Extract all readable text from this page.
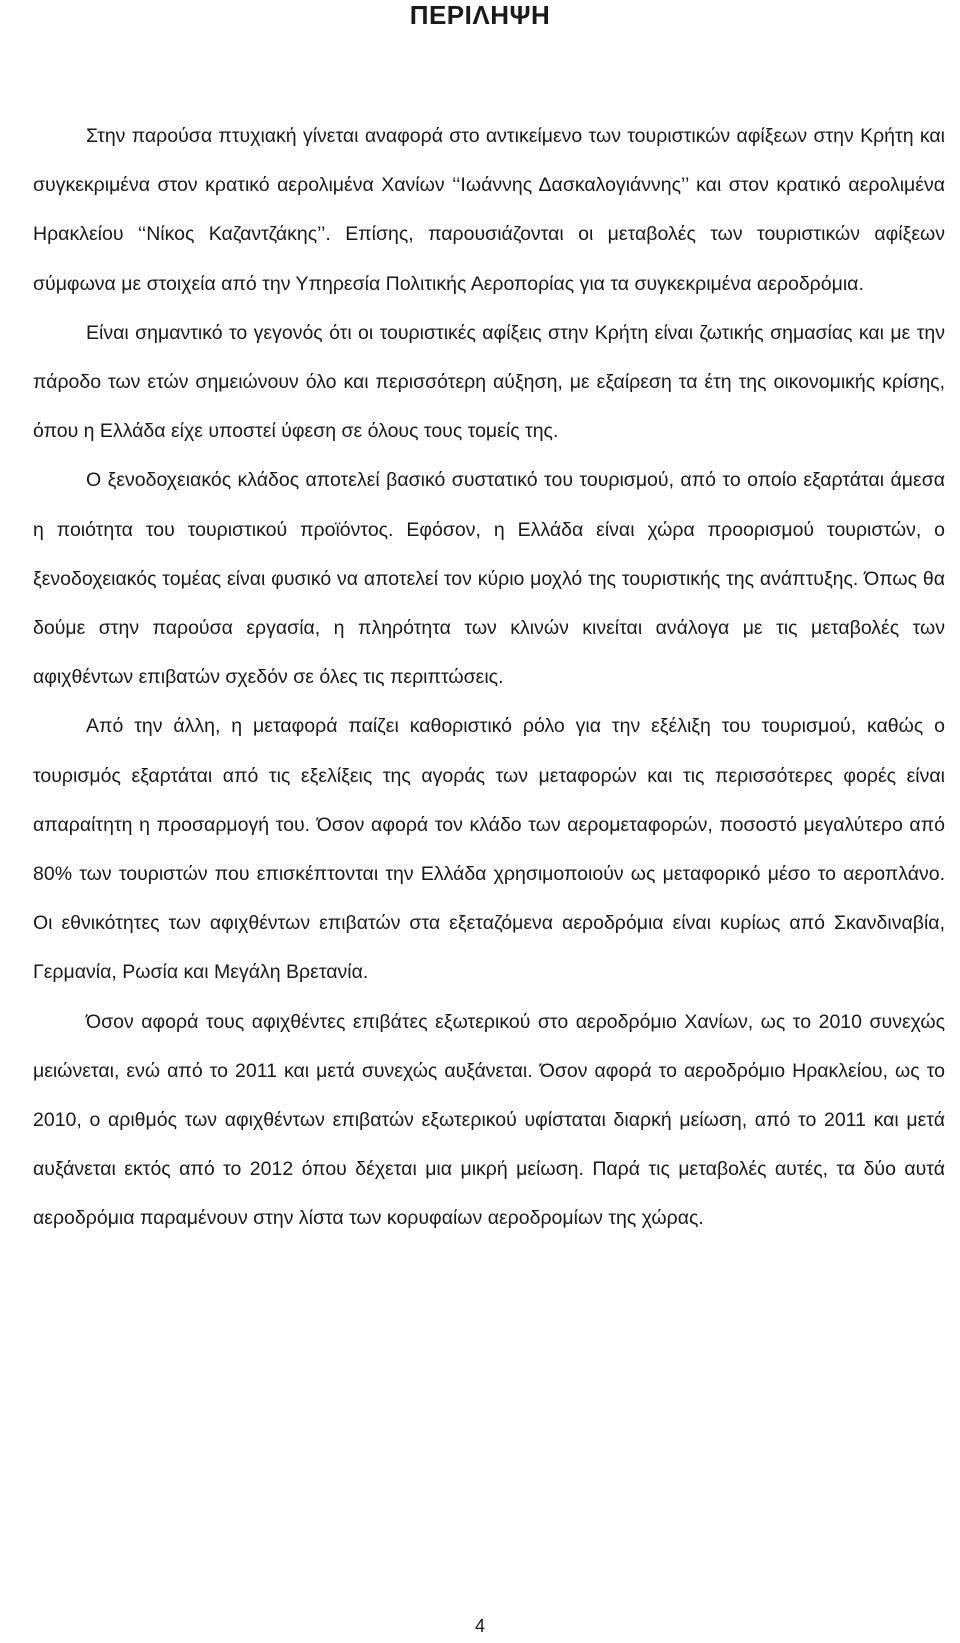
ΠΕΡΙΛΗΨΗ

Στην παρούσα πτυχιακή γίνεται αναφορά στο αντικείμενο των τουριστικών αφίξεων στην Κρήτη και συγκεκριμένα στον κρατικό αερολιμένα Χανίων ‘‘Ιωάννης Δασκαλογιάννης’’ και στον κρατικό αερολιμένα Ηρακλείου ‘‘Νίκος Καζαντζάκης’’. Επίσης, παρουσιάζονται οι μεταβολές των τουριστικών αφίξεων σύμφωνα με στοιχεία από την Υπηρεσία Πολιτικής Αεροπορίας για τα συγκεκριμένα αεροδρόμια.

Είναι σημαντικό το γεγονός ότι οι τουριστικές αφίξεις στην Κρήτη είναι ζωτικής σημασίας και με την πάροδο των ετών σημειώνουν όλο και περισσότερη αύξηση, με εξαίρεση τα έτη της οικονομικής κρίσης, όπου η Ελλάδα είχε υποστεί ύφεση σε όλους τους τομείς της.

Ο ξενοδοχειακός κλάδος αποτελεί βασικό συστατικό του τουρισμού, από το οποίο εξαρτάται άμεσα η ποιότητα του τουριστικού προϊόντος. Εφόσον, η Ελλάδα είναι χώρα προορισμού τουριστών, ο ξενοδοχειακός τομέας είναι φυσικό να αποτελεί τον κύριο μοχλό της τουριστικής της ανάπτυξης. Όπως θα δούμε στην παρούσα εργασία, η πληρότητα των κλινών κινείται ανάλογα με τις μεταβολές των αφιχθέντων επιβατών σχεδόν σε όλες τις περιπτώσεις.

Από την άλλη, η μεταφορά παίζει καθοριστικό ρόλο για την εξέλιξη του τουρισμού, καθώς ο τουρισμός εξαρτάται από τις εξελίξεις της αγοράς των μεταφορών και τις περισσότερες φορές είναι απαραίτητη η προσαρμογή του. Όσον αφορά τον κλάδο των αερομεταφορών, ποσοστό μεγαλύτερο από 80% των τουριστών που επισκέπτονται την Ελλάδα χρησιμοποιούν ως μεταφορικό μέσο το αεροπλάνο. Οι εθνικότητες των αφιχθέντων επιβατών στα εξεταζόμενα αεροδρόμια είναι κυρίως από Σκανδιναβία, Γερμανία, Ρωσία και Μεγάλη Βρετανία.

Όσον αφορά τους αφιχθέντες επιβάτες εξωτερικού στο αεροδρόμιο Χανίων, ως το 2010 συνεχώς μειώνεται, ενώ από το 2011 και μετά συνεχώς αυξάνεται. Όσον αφορά το αεροδρόμιο Ηρακλείου, ως το 2010, ο αριθμός των αφιχθέντων επιβατών εξωτερικού υφίσταται διαρκή μείωση, από το 2011 και μετά αυξάνεται εκτός από το 2012 όπου δέχεται μια μικρή μείωση. Παρά τις μεταβολές αυτές, τα δύο αυτά αεροδρόμια παραμένουν στην λίστα των κορυφαίων αεροδρομίων της χώρας.

4
